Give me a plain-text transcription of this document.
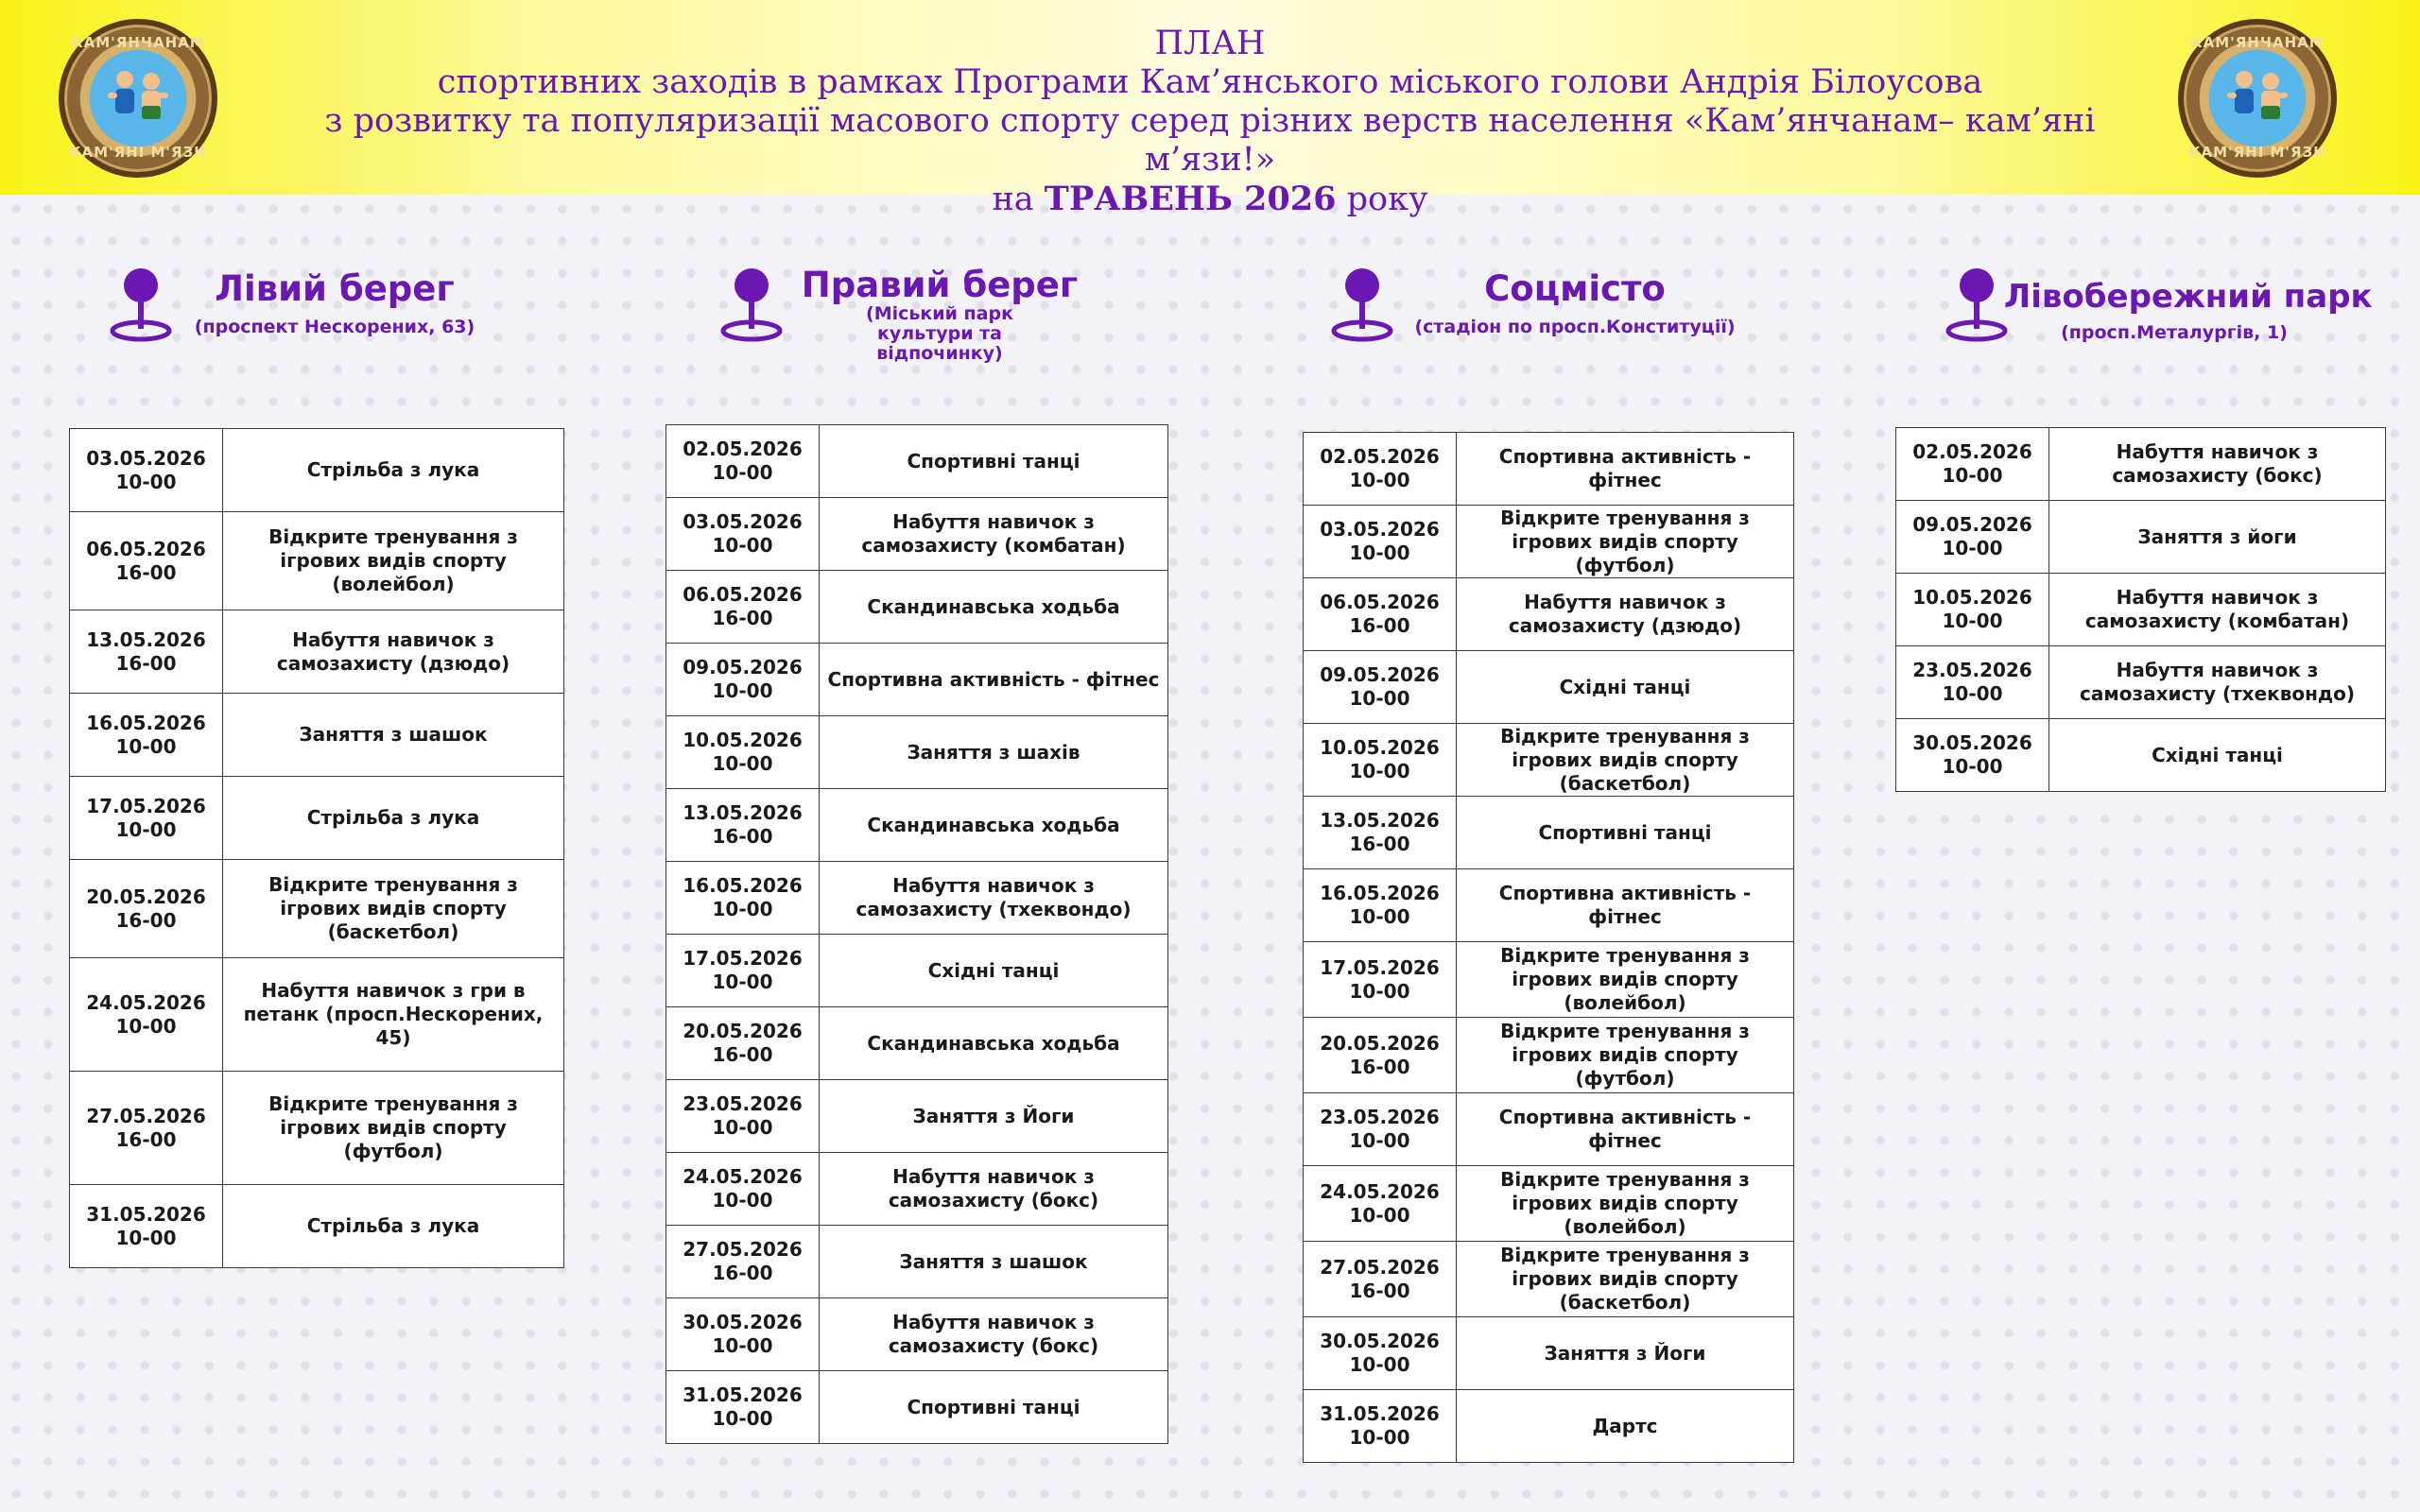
КАМ'ЯНЧАНАМ
КАМ'ЯНІ М'ЯЗИ
ПЛАН
спортивних заходів в рамках Програми Кам’янського міського голови Андрія Білоусова
з розвитку та популяризації масового спорту серед різних верств населення «Кам’янчанам– кам’яні м’язи!»
на ТРАВЕНЬ 2026 року
КАМ'ЯНЧАНАМ
КАМ'ЯНІ М'ЯЗИ
Лівий берег
(проспект Нескорених, 63)
03.05.2026
10-00	Стрільба з лука

06.05.2026
16-00	Відкрите тренування з ігрових видів спорту (волейбол)

13.05.2026
16-00	Набуття навичок з самозахисту (дзюдо)

16.05.2026
10-00	Заняття з шашок

17.05.2026
10-00	Стрільба з лука

20.05.2026
16-00	Відкрите тренування з ігрових видів спорту (баскетбол)

24.05.2026
10-00	Набуття навичок з гри в петанк (просп.Нескорених, 45)

27.05.2026
16-00	Відкрите тренування з ігрових видів спорту (футбол)

31.05.2026
10-00	Стрільба з лука
Правий берег
(Міський парк культури та відпочинку)
02.05.2026
10-00	Спортивні танці

03.05.2026
10-00	Набуття навичок з самозахисту (комбатан)

06.05.2026
16-00	Скандинавська ходьба

09.05.2026
10-00	Спортивна активність - фітнес

10.05.2026
10-00	Заняття з шахів

13.05.2026
16-00	Скандинавська ходьба

16.05.2026
10-00	Набуття навичок з самозахисту (тхеквондо)

17.05.2026
10-00	Східні танці

20.05.2026
16-00	Скандинавська ходьба

23.05.2026
10-00	Заняття з Йоги

24.05.2026
10-00	Набуття навичок з самозахисту (бокс)

27.05.2026
16-00	Заняття з шашок

30.05.2026
10-00	Набуття навичок з самозахисту (бокс)

31.05.2026
10-00	Спортивні танці
Соцмісто
(стадіон по просп.Конституції)
02.05.2026
10-00	Спортивна активність - фітнес

03.05.2026
10-00	Відкрите тренування з ігрових видів спорту (футбол)

06.05.2026
16-00	Набуття навичок з самозахисту (дзюдо)

09.05.2026
10-00	Східні танці

10.05.2026
10-00	Відкрите тренування з ігрових видів спорту (баскетбол)

13.05.2026
16-00	Спортивні танці

16.05.2026
10-00	Спортивна активність - фітнес

17.05.2026
10-00	Відкрите тренування з ігрових видів спорту (волейбол)

20.05.2026
16-00	Відкрите тренування з ігрових видів спорту (футбол)

23.05.2026
10-00	Спортивна активність - фітнес

24.05.2026
10-00	Відкрите тренування з ігрових видів спорту (волейбол)

27.05.2026
16-00	Відкрите тренування з ігрових видів спорту (баскетбол)

30.05.2026
10-00	Заняття з Йоги

31.05.2026
10-00	Дартс
Лівобережний парк
(просп.Металургів, 1)
02.05.2026
10-00	Набуття навичок з самозахисту (бокс)

09.05.2026
10-00	Заняття з йоги

10.05.2026
10-00	Набуття навичок з самозахисту (комбатан)

23.05.2026
10-00	Набуття навичок з самозахисту (тхеквондо)

30.05.2026
10-00	Східні танці
